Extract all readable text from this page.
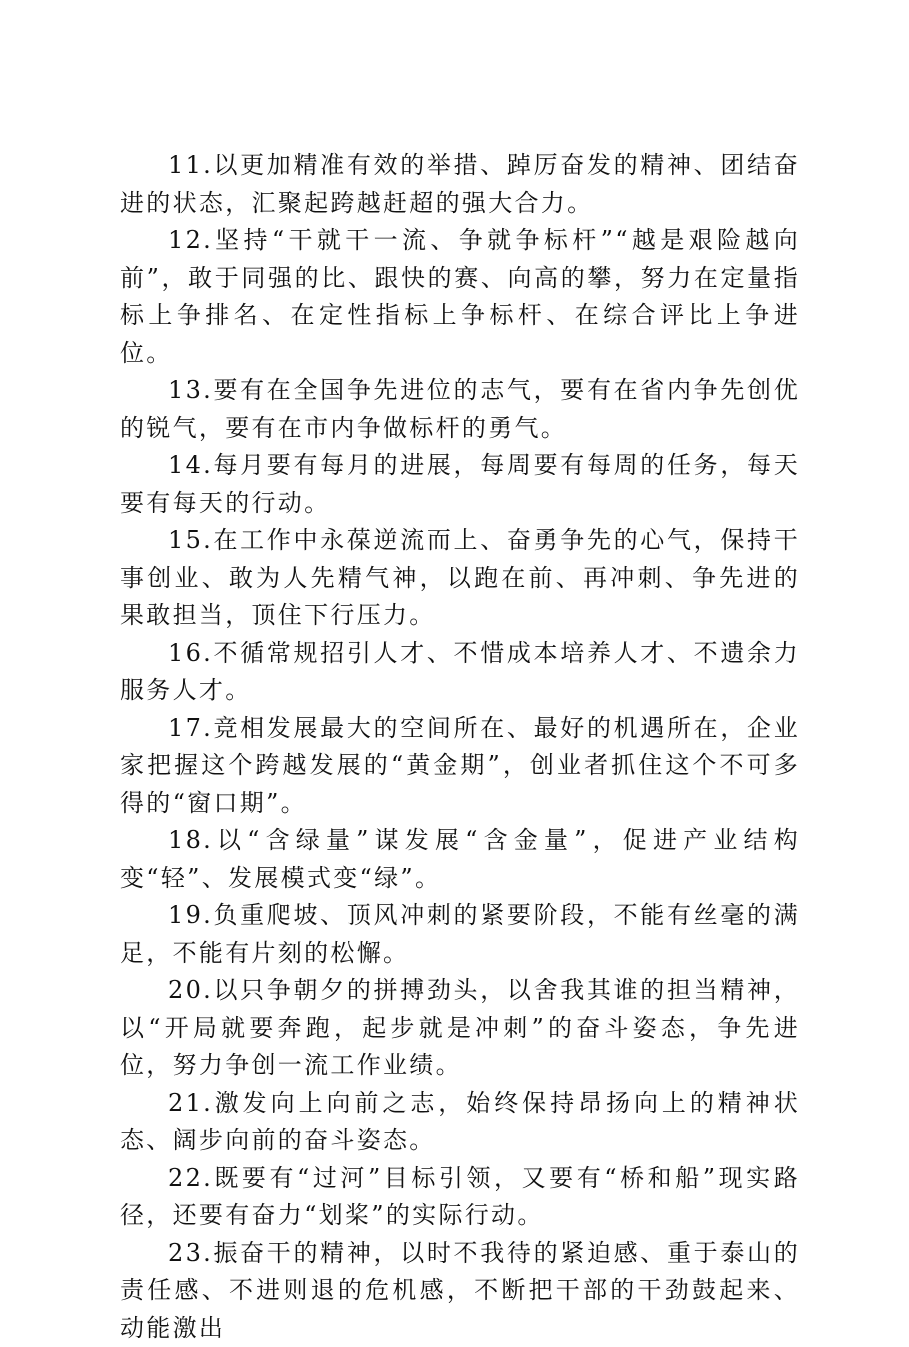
11.以更加精准有效的举措、踔厉奋发的精神、团结奋进的状态，汇聚起跨越赶超的强大合力。

12.坚持“干就干一流、争就争标杆”“越是艰险越向前”，敢于同强的比、跟快的赛、向高的攀，努力在定量指标上争排名、在定性指标上争标杆、在综合评比上争进位。

13.要有在全国争先进位的志气，要有在省内争先创优的锐气，要有在市内争做标杆的勇气。

14.每月要有每月的进展，每周要有每周的任务，每天要有每天的行动。

15.在工作中永葆逆流而上、奋勇争先的心气，保持干事创业、敢为人先精气神，以跑在前、再冲刺、争先进的果敢担当，顶住下行压力。

16.不循常规招引人才、不惜成本培养人才、不遗余力服务人才。

17.竞相发展最大的空间所在、最好的机遇所在，企业家把握这个跨越发展的“黄金期”，创业者抓住这个不可多得的“窗口期”。

18.以“含绿量”谋发展“含金量”，促进产业结构变“轻”、发展模式变“绿”。

19.负重爬坡、顶风冲刺的紧要阶段，不能有丝毫的满足，不能有片刻的松懈。

20.以只争朝夕的拼搏劲头，以舍我其谁的担当精神，以“开局就要奔跑，起步就是冲刺”的奋斗姿态，争先进位，努力争创一流工作业绩。

21.激发向上向前之志，始终保持昂扬向上的精神状态、阔步向前的奋斗姿态。

22.既要有“过河”目标引领，又要有“桥和船”现实路径，还要有奋力“划桨”的实际行动。

23.振奋干的精神，以时不我待的紧迫感、重于泰山的责任感、不进则退的危机感，不断把干部的干劲鼓起来、动能激出
